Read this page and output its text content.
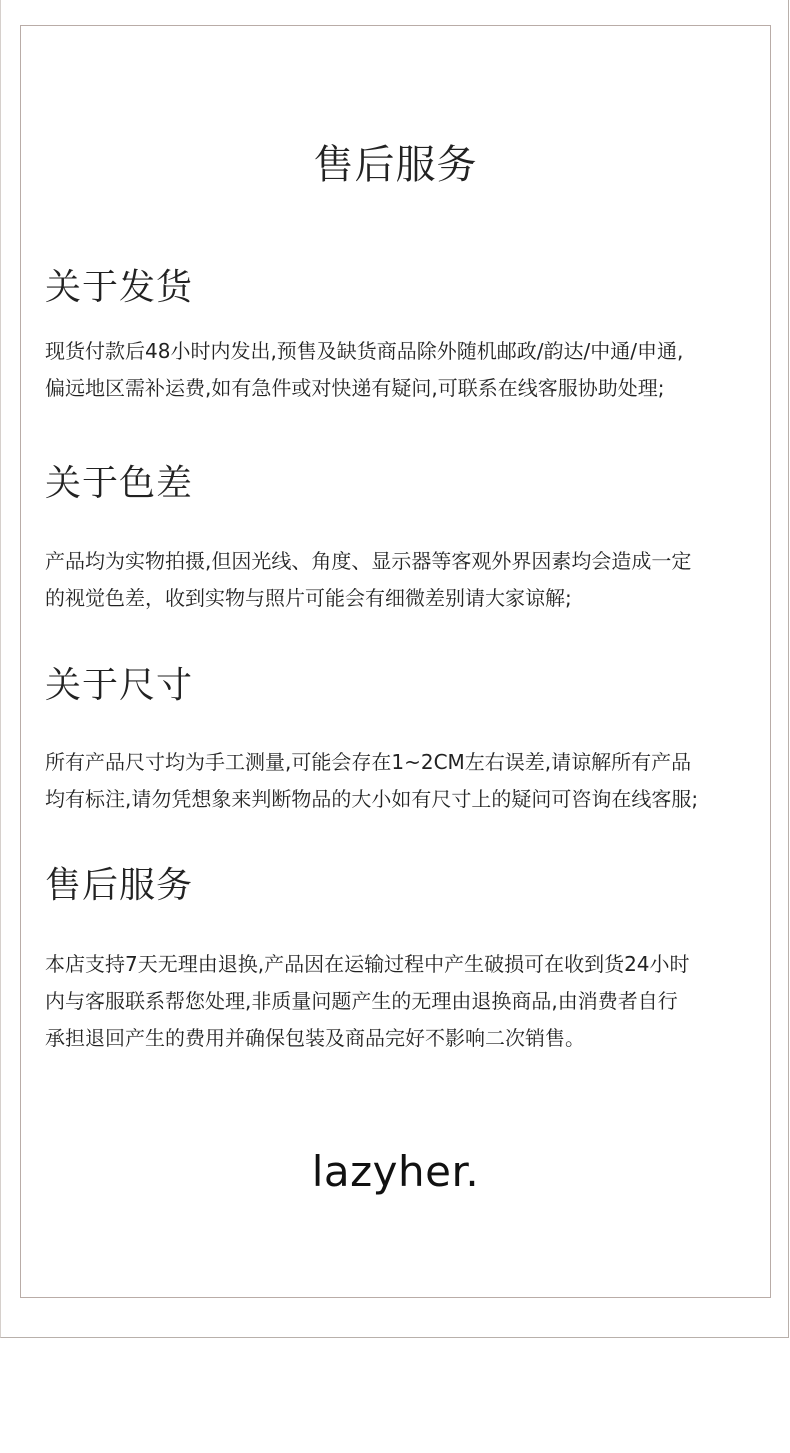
售后服务
关于发货
现货付款后48小时内发出,预售及缺货商品除外随机邮政/韵达/中通/申通,
偏远地区需补运费,如有急件或对快递有疑问,可联系在线客服协助处理;
关于色差
产品均为实物拍摄,但因光线、角度、显示器等客观外界因素均会造成一定
的视觉色差，收到实物与照片可能会有细微差别请大家谅解;
关于尺寸
所有产品尺寸均为手工测量,可能会存在1~2CM左右误差,请谅解所有产品
均有标注,请勿凭想象来判断物品的大小如有尺寸上的疑问可咨询在线客服;
售后服务
本店支持7天无理由退换,产品因在运输过程中产生破损可在收到货24小时
内与客服联系帮您处理,非质量问题产生的无理由退换商品,由消费者自行
承担退回产生的费用并确保包装及商品完好不影响二次销售。
lazyher.
